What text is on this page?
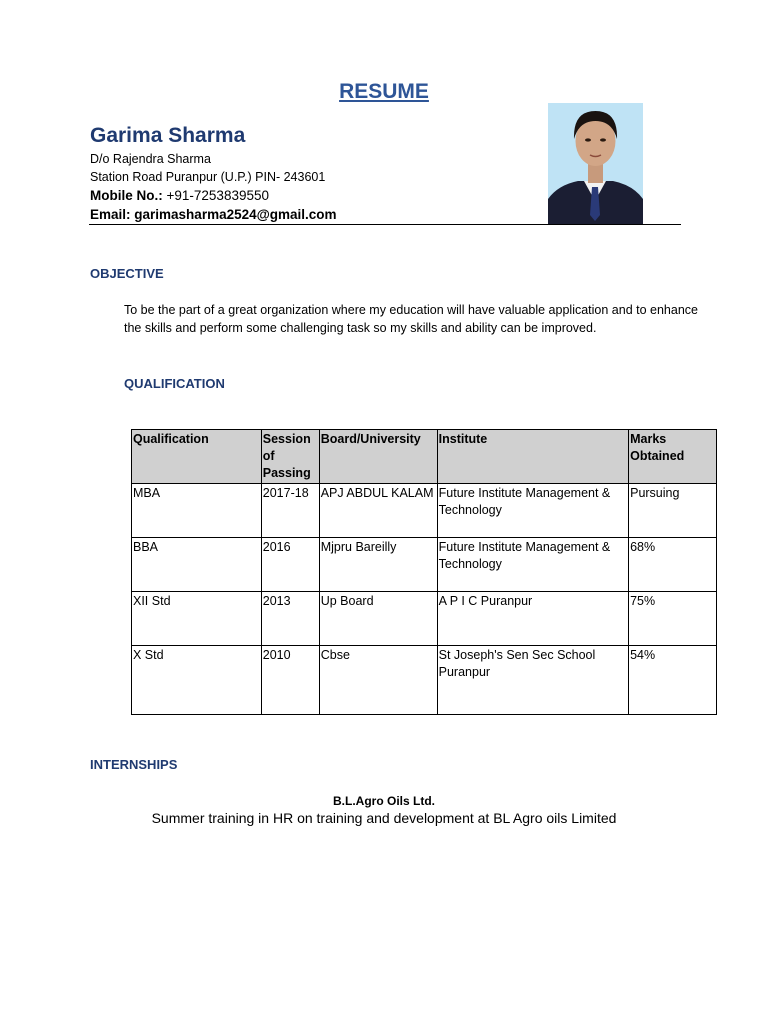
RESUME
Garima Sharma
D/o Rajendra Sharma
Station Road Puranpur (U.P.) PIN- 243601
Mobile No.: +91-7253839550
Email: garimasharma2524@gmail.com
OBJECTIVE
To be the part of a great organization where my education will have valuable application and to enhance the skills and perform some challenging task so my skills and ability can be improved.
QUALIFICATION
Qualification	Session of Passing	Board/University	Institute	Marks Obtained
MBA	2017-18	APJ ABDUL KALAM	Future Institute Management & Technology	Pursuing
BBA	2016	Mjpru Bareilly	Future Institute Management & Technology	68%
XII Std	2013	Up Board	A P I C Puranpur	75%
X Std	2010	Cbse	St Joseph's Sen Sec School Puranpur	54%
INTERNSHIPS
B.L.Agro Oils Ltd.
Summer training in HR on training and development at BL Agro oils Limited
